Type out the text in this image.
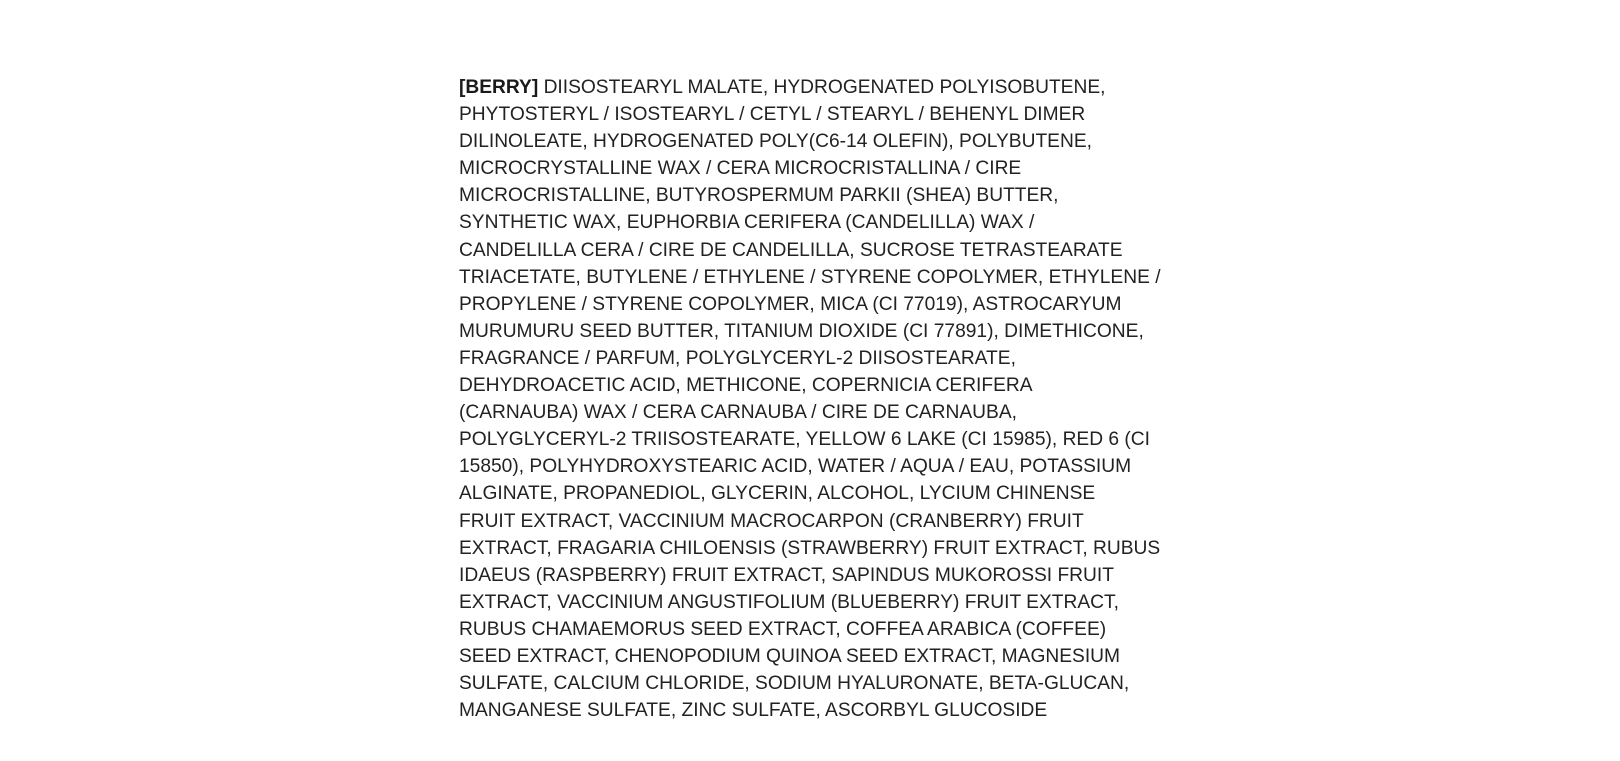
[BERRY] DIISOSTEARYL MALATE, HYDROGENATED POLYISOBUTENE,
PHYTOSTERYL / ISOSTEARYL / CETYL / STEARYL / BEHENYL DIMER
DILINOLEATE, HYDROGENATED POLY(C6-14 OLEFIN), POLYBUTENE,
MICROCRYSTALLINE WAX / CERA MICROCRISTALLINA / CIRE
MICROCRISTALLINE, BUTYROSPERMUM PARKII (SHEA) BUTTER,
SYNTHETIC WAX, EUPHORBIA CERIFERA (CANDELILLA) WAX /
CANDELILLA CERA / CIRE DE CANDELILLA, SUCROSE TETRASTEARATE
TRIACETATE, BUTYLENE / ETHYLENE / STYRENE COPOLYMER, ETHYLENE /
PROPYLENE / STYRENE COPOLYMER, MICA (CI 77019), ASTROCARYUM
MURUMURU SEED BUTTER, TITANIUM DIOXIDE (CI 77891), DIMETHICONE,
FRAGRANCE / PARFUM, POLYGLYCERYL-2 DIISOSTEARATE,
DEHYDROACETIC ACID, METHICONE, COPERNICIA CERIFERA
(CARNAUBA) WAX / CERA CARNAUBA / CIRE DE CARNAUBA,
POLYGLYCERYL-2 TRIISOSTEARATE, YELLOW 6 LAKE (CI 15985), RED 6 (CI
15850), POLYHYDROXYSTEARIC ACID, WATER / AQUA / EAU, POTASSIUM
ALGINATE, PROPANEDIOL, GLYCERIN, ALCOHOL, LYCIUM CHINENSE
FRUIT EXTRACT, VACCINIUM MACROCARPON (CRANBERRY) FRUIT
EXTRACT, FRAGARIA CHILOENSIS (STRAWBERRY) FRUIT EXTRACT, RUBUS
IDAEUS (RASPBERRY) FRUIT EXTRACT, SAPINDUS MUKOROSSI FRUIT
EXTRACT, VACCINIUM ANGUSTIFOLIUM (BLUEBERRY) FRUIT EXTRACT,
RUBUS CHAMAEMORUS SEED EXTRACT, COFFEA ARABICA (COFFEE)
SEED EXTRACT, CHENOPODIUM QUINOA SEED EXTRACT, MAGNESIUM
SULFATE, CALCIUM CHLORIDE, SODIUM HYALURONATE, BETA-GLUCAN,
MANGANESE SULFATE, ZINC SULFATE, ASCORBYL GLUCOSIDE
